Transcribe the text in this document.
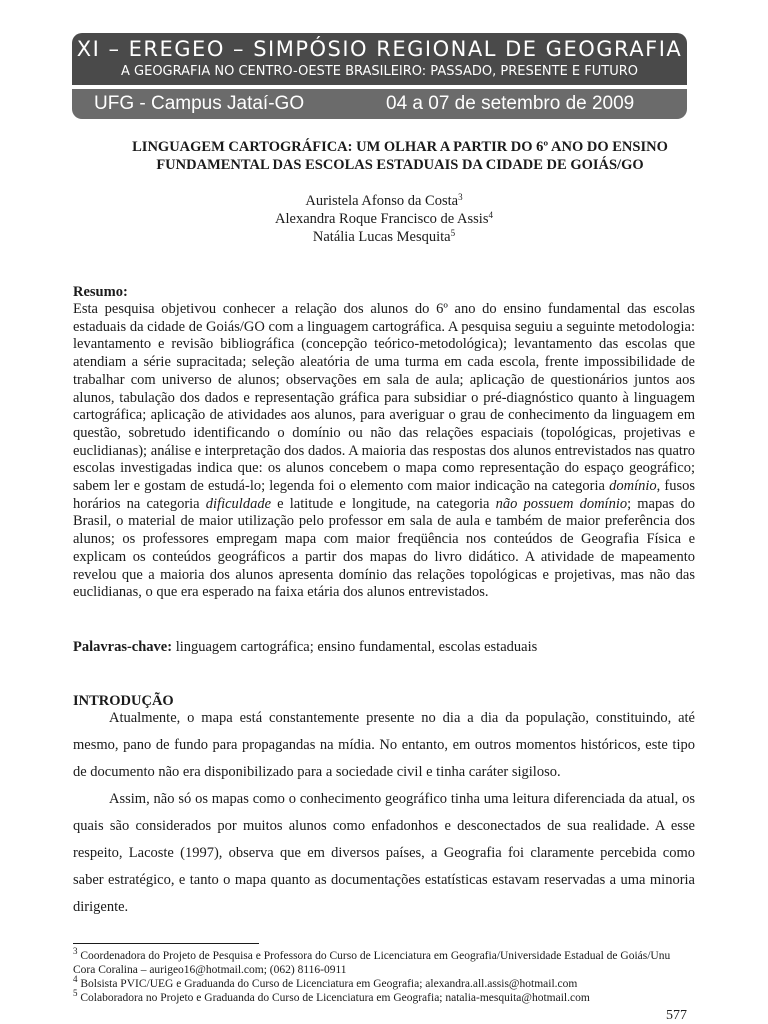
XI – EREGEO – SIMPÓSIO REGIONAL DE GEOGRAFIA
A GEOGRAFIA NO CENTRO-OESTE BRASILEIRO: PASSADO, PRESENTE E FUTURO
UFG - Campus Jataí-GO	04 a 07 de setembro de 2009
LINGUAGEM CARTOGRÁFICA: UM OLHAR A PARTIR DO 6º ANO DO ENSINO
FUNDAMENTAL DAS ESCOLAS ESTADUAIS DA CIDADE DE GOIÁS/GO
Auristela Afonso da Costa$^3$
Alexandra Roque Francisco de Assis$^4$
Natália Lucas Mesquita$^5$
Resumo:

Esta pesquisa objetivou conhecer a relação dos alunos do 6º ano do ensino fundamental das escolas estaduais da cidade de Goiás/GO com a linguagem cartográfica. A pesquisa seguiu a seguinte metodologia: levantamento e revisão bibliográfica (concepção teórico-metodológica); levantamento das escolas que atendiam a série supracitada; seleção aleatória de uma turma em cada escola, frente impossibilidade de trabalhar com universo de alunos; observações em sala de aula; aplicação de questionários juntos aos alunos, tabulação dos dados e representação gráfica para subsidiar o pré-diagnóstico quanto à linguagem cartográfica; aplicação de atividades aos alunos, para averiguar o grau de conhecimento da linguagem em questão, sobretudo identificando o domínio ou não das relações espaciais (topológicas, projetivas e euclidianas); análise e interpretação dos dados. A maioria das respostas dos alunos entrevistados nas quatro escolas investigadas indica que: os alunos concebem o mapa como representação do espaço geográfico; sabem ler e gostam de estudá-lo; legenda foi o elemento com maior indicação na categoria domínio, fusos horários na categoria dificuldade e latitude e longitude, na categoria não possuem domínio; mapas do Brasil, o material de maior utilização pelo professor em sala de aula e também de maior preferência dos alunos; os professores empregam mapa com maior freqüência nos conteúdos de Geografia Física e explicam os conteúdos geográficos a partir dos mapas do livro didático. A atividade de mapeamento revelou que a maioria dos alunos apresenta domínio das relações topológicas e projetivas, mas não das euclidianas, o que era esperado na faixa etária dos alunos entrevistados.

Palavras-chave: linguagem cartográfica; ensino fundamental, escolas estaduais
INTRODUÇÃO

Atualmente, o mapa está constantemente presente no dia a dia da população, constituindo, até mesmo, pano de fundo para propagandas na mídia. No entanto, em outros momentos históricos, este tipo de documento não era disponibilizado para a sociedade civil e tinha caráter sigiloso.

Assim, não só os mapas como o conhecimento geográfico tinha uma leitura diferenciada da atual, os quais são considerados por muitos alunos como enfadonhos e desconectados de sua realidade. A esse respeito, Lacoste (1997), observa que em diversos países, a Geografia foi claramente percebida como saber estratégico, e tanto o mapa quanto as documentações estatísticas estavam reservadas a uma minoria dirigente.

$^3$ Coordenadora do Projeto de Pesquisa e Professora do Curso de Licenciatura em Geografia/Universidade Estadual de Goiás/Unu Cora Coralina – aurigeo16@hotmail.com; (062) 8116-0911
$^4$ Bolsista PVIC/UEG e Graduanda do Curso de Licenciatura em Geografia; alexandra.all.assis@hotmail.com
$^5$ Colaboradora no Projeto e Graduanda do Curso de Licenciatura em Geografia; natalia-mesquita@hotmail.com
577
